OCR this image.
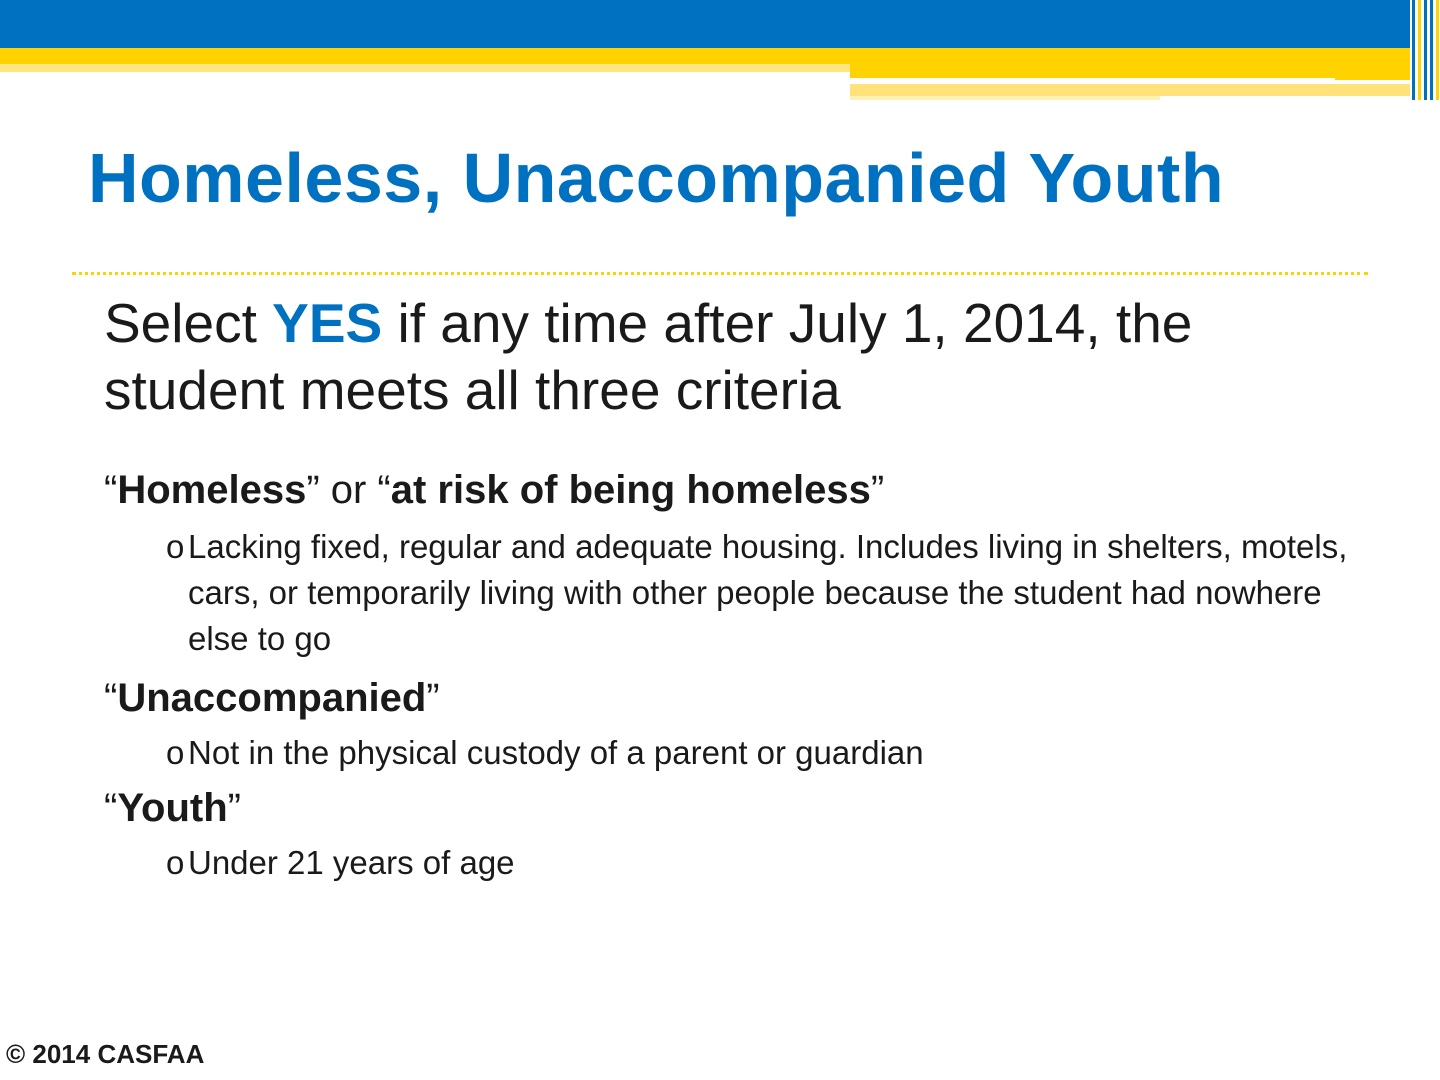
Homeless, Unaccompanied Youth

Select YES if any time after July 1, 2014, the student meets all three criteria

“Homeless” or “at risk of being homeless”

o Lacking fixed, regular and adequate housing. Includes living in shelters, motels, cars, or temporarily living with other people because the student had nowhere else to go

“Unaccompanied”

o Not in the physical custody of a parent or guardian

“Youth”

o Under 21 years of age

© 2014 CASFAA
